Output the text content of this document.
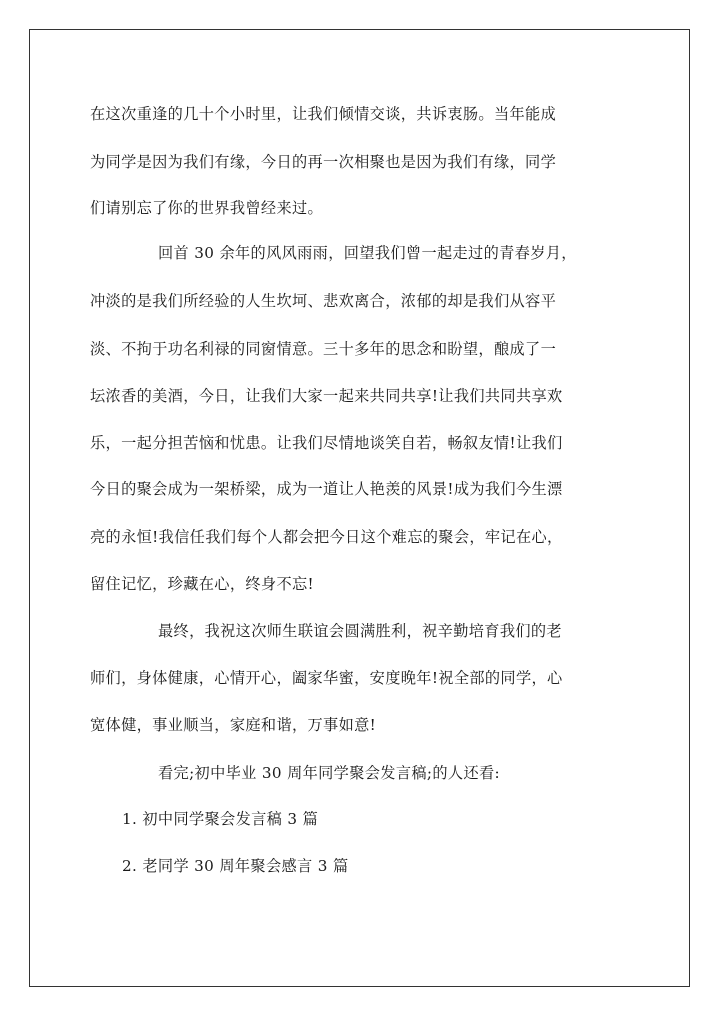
在这次重逢的几十个小时里，让我们倾情交谈，共诉衷肠。当年能成
为同学是因为我们有缘，今日的再一次相聚也是因为我们有缘，同学
们请别忘了你的世界我曾经来过。
回首 30 余年的风风雨雨，回望我们曾一起走过的青春岁月，
冲淡的是我们所经验的人生坎坷、悲欢离合，浓郁的却是我们从容平
淡、不拘于功名利禄的同窗情意。三十多年的思念和盼望，酿成了一
坛浓香的美酒，今日，让我们大家一起来共同共享!让我们共同共享欢
乐，一起分担苦恼和忧患。让我们尽情地谈笑自若，畅叙友情!让我们
今日的聚会成为一架桥梁，成为一道让人艳羡的风景!成为我们今生漂
亮的永恒!我信任我们每个人都会把今日这个难忘的聚会，牢记在心，
留住记忆，珍藏在心，终身不忘!
最终，我祝这次师生联谊会圆满胜利，祝辛勤培育我们的老
师们，身体健康，心情开心，阖家华蜜，安度晚年!祝全部的同学，心
宽体健，事业顺当，家庭和谐，万事如意!
看完;初中毕业 30 周年同学聚会发言稿;的人还看:
1. 初中同学聚会发言稿 3 篇
2. 老同学 30 周年聚会感言 3 篇
